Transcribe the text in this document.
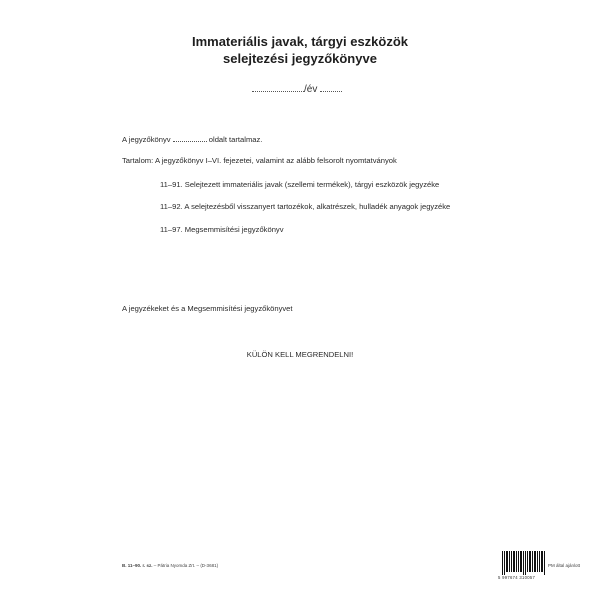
Immateriális javak, tárgyi eszközök
selejtezési jegyzőkönyve
/év
A jegyzőkönyv	oldalt tartalmaz.
Tartalom: A jegyzőkönyv I–VI. fejezetei, valamint az alább felsorolt nyomtatványok
11–91. Selejtezett immateriális javak (szellemi termékek), tárgyi eszközök jegyzéke
11–92. A selejtezésből visszanyert tartozékok, alkatrészek, hulladék anyagok jegyzéke
11–97. Megsemmisítési jegyzőkönyv
A jegyzékeket és a Megsemmisítési jegyzőkönyvet
KÜLÖN KELL MEGRENDELNI!
B. 11–90. r. sz. – Pátria Nyomda Zrt. – (D-3681)
5 997674 310057
PM által ajánlott
